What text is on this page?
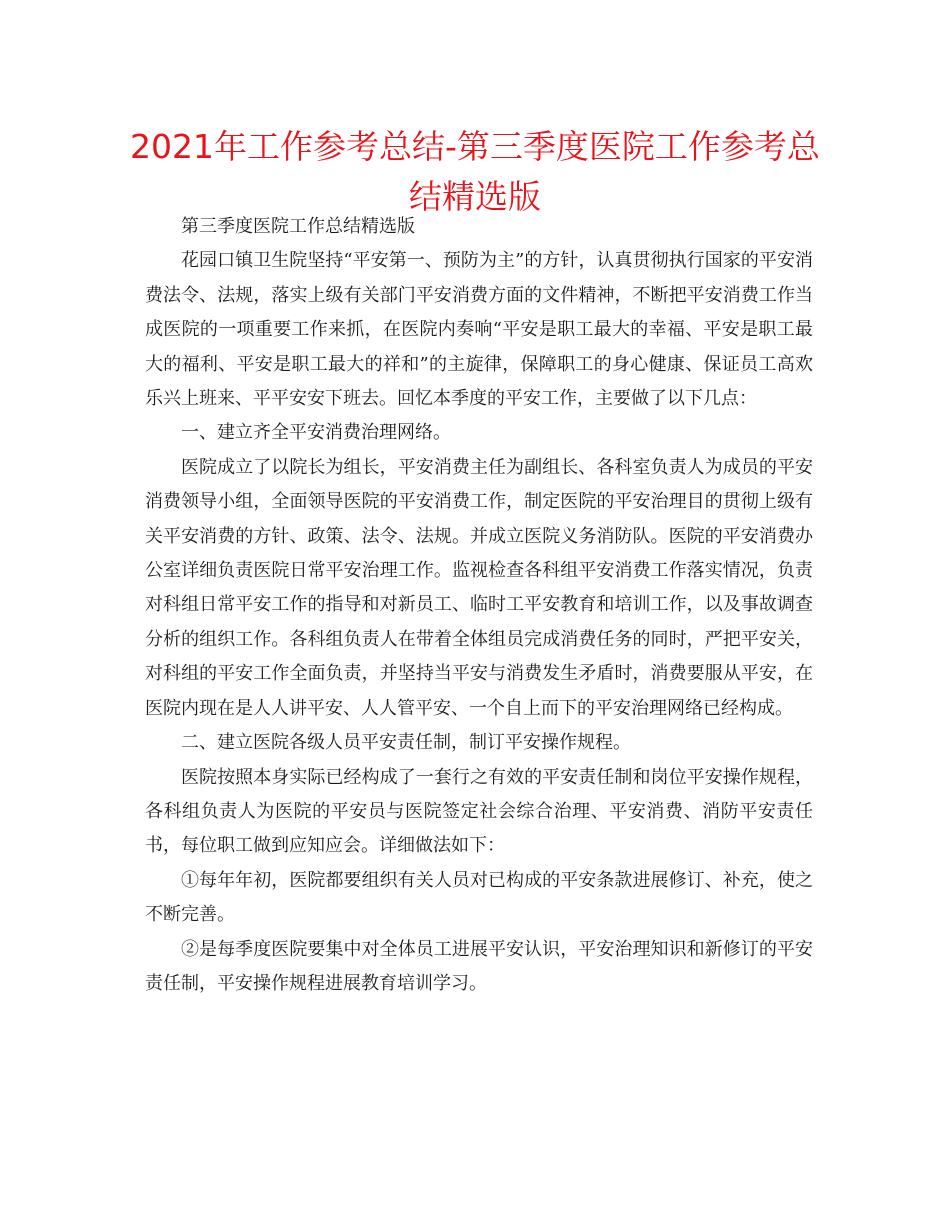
2021年工作参考总结-第三季度医院工作参考总结精选版

第三季度医院工作总结精选版

花园口镇卫生院坚持“平安第一、预防为主”的方针，认真贯彻执行国家的平安消费法令、法规，落实上级有关部门平安消费方面的文件精神，不断把平安消费工作当成医院的一项重要工作来抓，在医院内奏响“平安是职工最大的幸福、平安是职工最大的福利、平安是职工最大的祥和”的主旋律，保障职工的身心健康、保证员工高欢乐兴上班来、平平安安下班去。回忆本季度的平安工作，主要做了以下几点：

一、建立齐全平安消费治理网络。

医院成立了以院长为组长，平安消费主任为副组长、各科室负责人为成员的平安消费领导小组，全面领导医院的平安消费工作，制定医院的平安治理目的贯彻上级有关平安消费的方针、政策、法令、法规。并成立医院义务消防队。医院的平安消费办公室详细负责医院日常平安治理工作。监视检查各科组平安消费工作落实情况，负责对科组日常平安工作的指导和对新员工、临时工平安教育和培训工作，以及事故调查分析的组织工作。各科组负责人在带着全体组员完成消费任务的同时，严把平安关，对科组的平安工作全面负责，并坚持当平安与消费发生矛盾时，消费要服从平安，在医院内现在是人人讲平安、人人管平安、一个自上而下的平安治理网络已经构成。

二、建立医院各级人员平安责任制，制订平安操作规程。

医院按照本身实际已经构成了一套行之有效的平安责任制和岗位平安操作规程，各科组负责人为医院的平安员与医院签定社会综合治理、平安消费、消防平安责任书，每位职工做到应知应会。详细做法如下：

①每年年初，医院都要组织有关人员对已构成的平安条款进展修订、补充，使之不断完善。

②是每季度医院要集中对全体员工进展平安认识，平安治理知识和新修订的平安责任制，平安操作规程进展教育培训学习。
